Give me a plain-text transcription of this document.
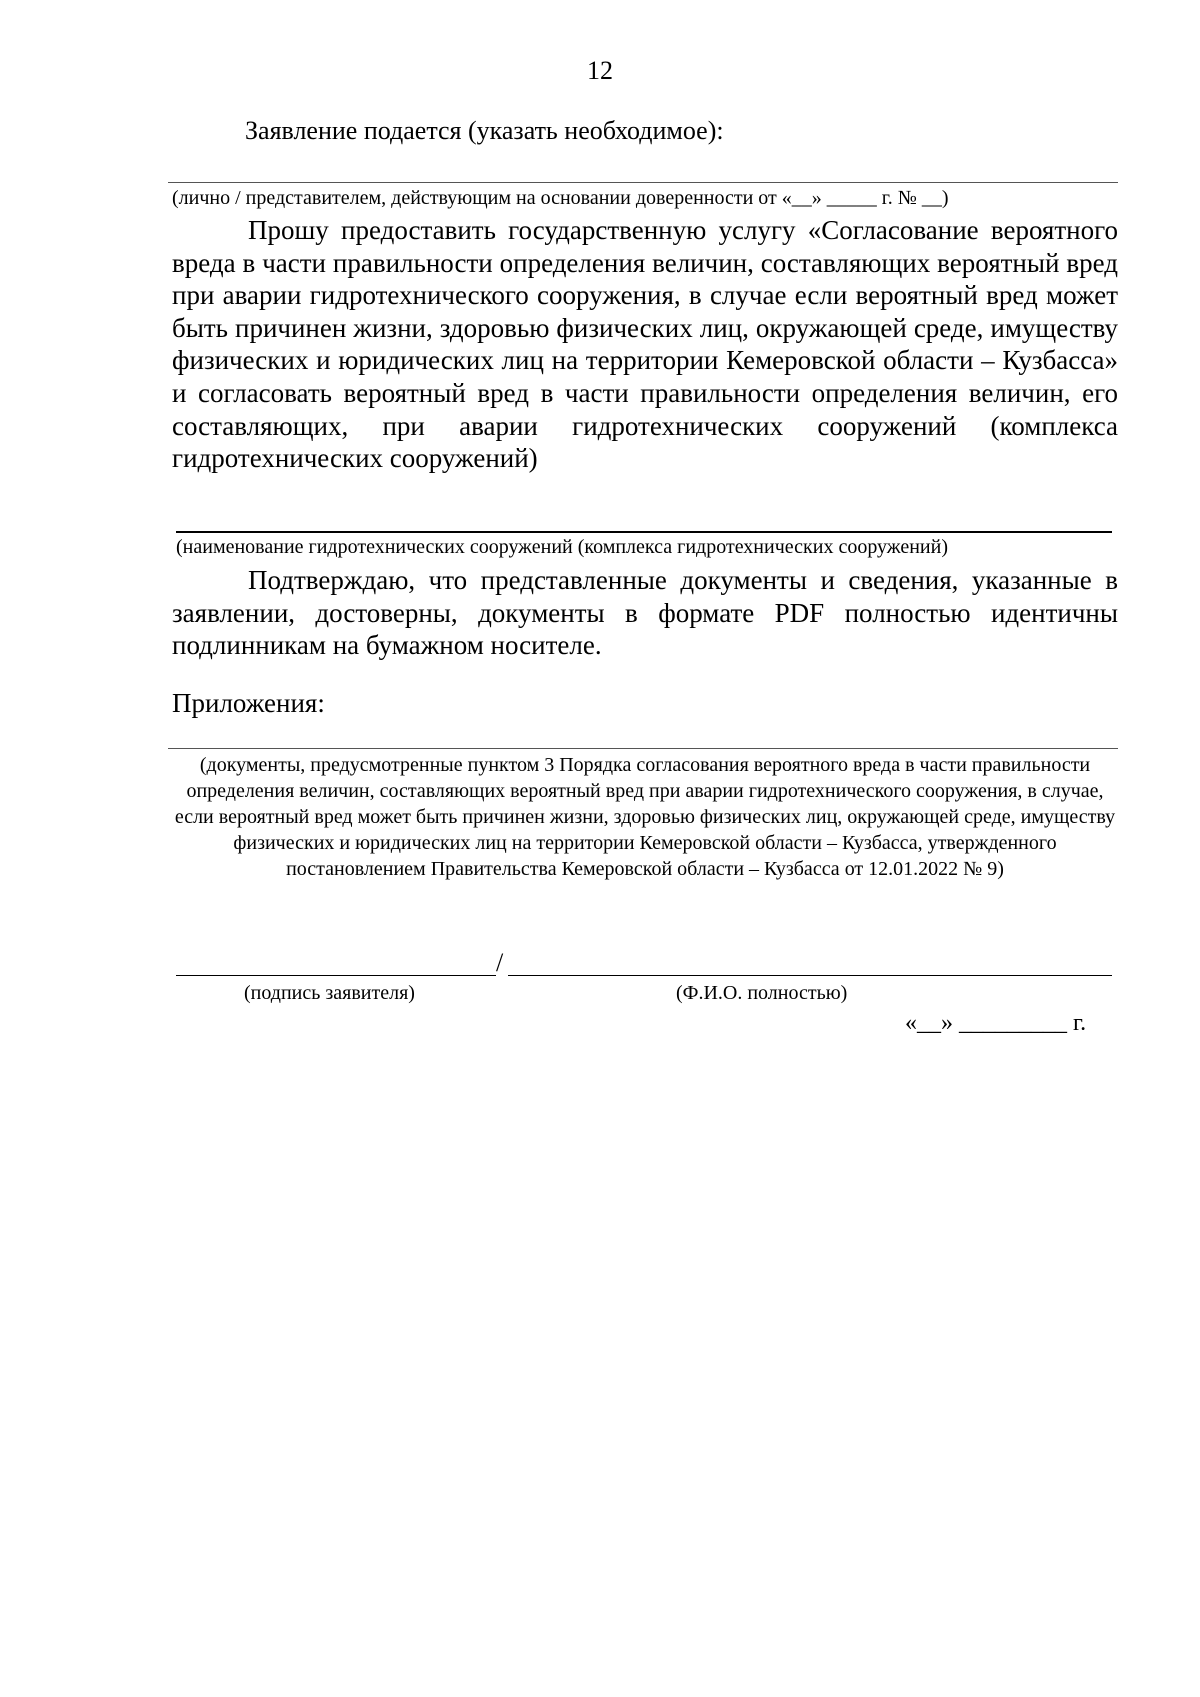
12
Заявление подается (указать необходимое):
(лично / представителем, действующим на основании доверенности от «__» _____ г. № __)
Прошу предоставить государственную услугу «Согласование вероятного вреда в части правильности определения величин, составляющих вероятный вред при аварии гидротехнического сооружения, в случае если вероятный вред может быть причинен жизни, здоровью физических лиц, окружающей среде, имуществу физических и юридических лиц на территории Кемеровской области – Кузбасса» и согласовать вероятный вред в части правильности определения величин, его составляющих, при аварии гидротехнических сооружений (комплекса гидротехнических сооружений)
(наименование гидротехнических сооружений (комплекса гидротехнических сооружений)
Подтверждаю, что представленные документы и сведения, указанные в заявлении, достоверны, документы в формате PDF полностью идентичны подлинникам на бумажном носителе.
Приложения:
(документы, предусмотренные пунктом 3 Порядка согласования вероятного вреда в части правильности определения величин, составляющих вероятный вред при аварии гидротехнического сооружения, в случае, если вероятный вред может быть причинен жизни, здоровью физических лиц, окружающей среде, имуществу физических и юридических лиц на территории Кемеровской области – Кузбасса, утвержденного постановлением Правительства Кемеровской области – Кузбасса от 12.01.2022 № 9)
/
(подпись заявителя)	(Ф.И.О. полностью)
«__» _________ г.
